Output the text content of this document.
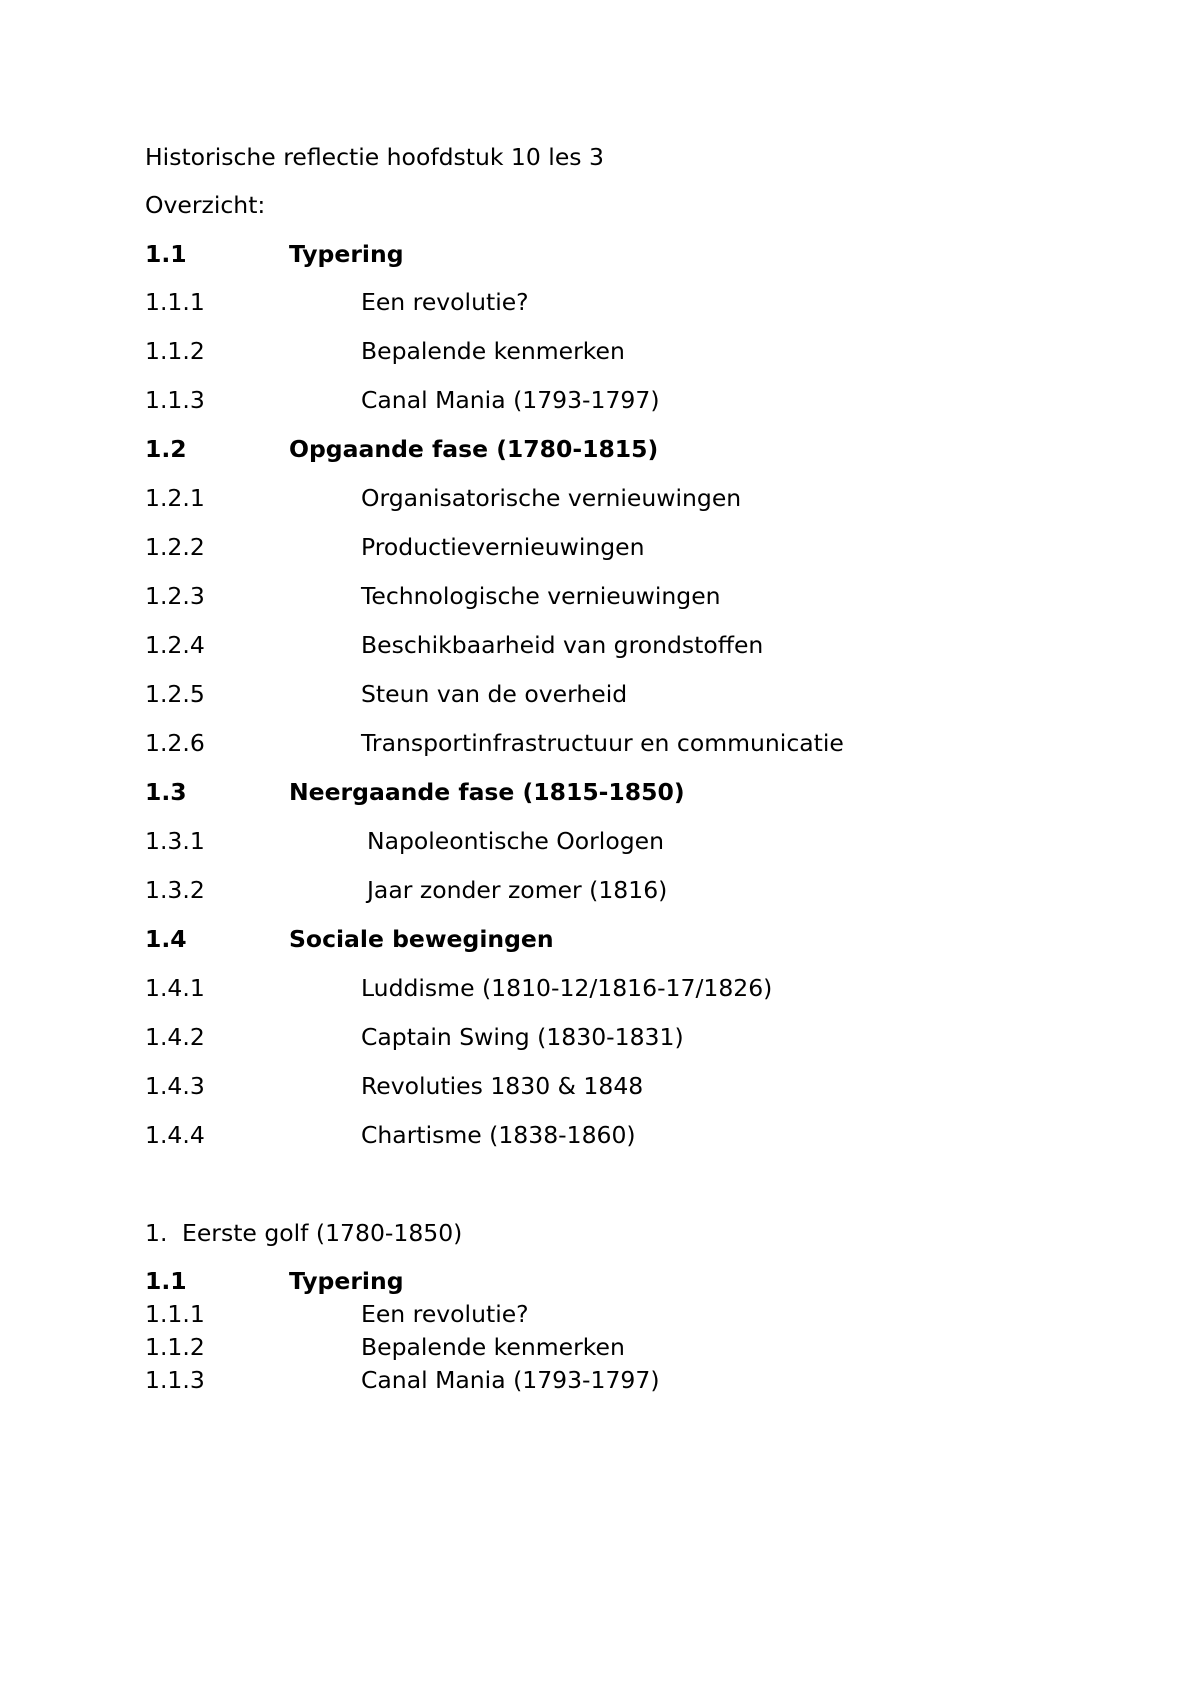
Historische reflectie hoofdstuk 10 les 3
Overzicht:
1.1	Typering
1.1.1	Een revolutie?
1.1.2	Bepalende kenmerken
1.1.3	Canal Mania (1793-1797)
1.2	Opgaande fase (1780-1815)
1.2.1	Organisatorische vernieuwingen
1.2.2	Productievernieuwingen
1.2.3	Technologische vernieuwingen
1.2.4	Beschikbaarheid van grondstoffen
1.2.5	Steun van de overheid
1.2.6	Transportinfrastructuur en communicatie
1.3	Neergaande fase (1815-1850)
1.3.1	Napoleontische Oorlogen
1.3.2	Jaar zonder zomer (1816)
1.4	Sociale bewegingen
1.4.1	Luddisme (1810-12/1816-17/1826)
1.4.2	Captain Swing (1830-1831)
1.4.3	Revoluties 1830 & 1848
1.4.4	Chartisme (1838-1860)
1. Eerste golf (1780-1850)
1.1	Typering
1.1.1	Een revolutie?
1.1.2	Bepalende kenmerken
1.1.3	Canal Mania (1793-1797)
